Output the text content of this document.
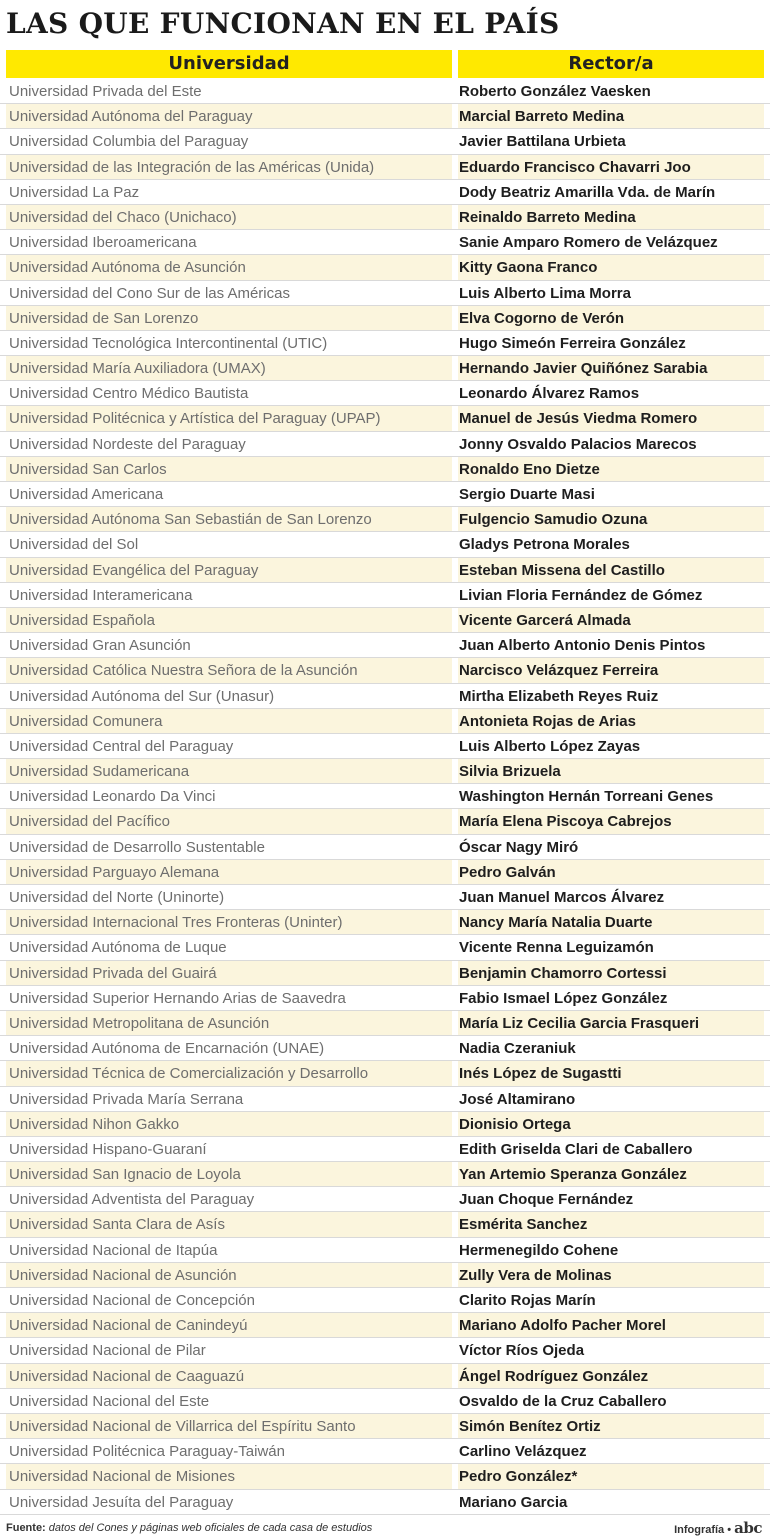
LAS QUE FUNCIONAN EN EL PAÍS
Universidad	Rector/a
Universidad Privada del Este	Roberto González Vaesken
Universidad Autónoma del Paraguay	Marcial Barreto Medina
Universidad Columbia del Paraguay	Javier Battilana Urbieta
Universidad de las Integración de las Américas (Unida)	Eduardo Francisco Chavarri Joo
Universidad La Paz	Dody Beatriz Amarilla Vda. de Marín
Universidad del Chaco (Unichaco)	Reinaldo Barreto Medina
Universidad Iberoamericana	Sanie Amparo Romero de Velázquez
Universidad Autónoma de Asunción	Kitty Gaona Franco
Universidad del Cono Sur de las Américas	Luis Alberto Lima Morra
Universidad de San Lorenzo	Elva Cogorno de Verón
Universidad Tecnológica Intercontinental (UTIC)	Hugo Simeón Ferreira González
Universidad María Auxiliadora (UMAX)	Hernando Javier Quiñónez Sarabia
Universidad Centro Médico Bautista	Leonardo Álvarez Ramos
Universidad Politécnica y Artística del Paraguay (UPAP)	Manuel de Jesús Viedma Romero
Universidad Nordeste del Paraguay	Jonny Osvaldo Palacios Marecos
Universidad San Carlos	Ronaldo Eno Dietze
Universidad Americana	Sergio Duarte Masi
Universidad Autónoma San Sebastián de San Lorenzo	Fulgencio Samudio Ozuna
Universidad del Sol	Gladys Petrona Morales
Universidad Evangélica del Paraguay	Esteban Missena del Castillo
Universidad Interamericana	Livian Floria Fernández de Gómez
Universidad Española	Vicente Garcerá Almada
Universidad Gran Asunción	Juan Alberto Antonio Denis Pintos
Universidad Católica Nuestra Señora de la Asunción	Narcisco Velázquez Ferreira
Universidad Autónoma del Sur (Unasur)	Mirtha Elizabeth Reyes Ruiz
Universidad Comunera	Antonieta Rojas de Arias
Universidad Central del Paraguay	Luis Alberto López Zayas
Universidad Sudamericana	Silvia Brizuela
Universidad Leonardo Da Vinci	Washington Hernán Torreani Genes
Universidad del Pacífico	María Elena Piscoya Cabrejos
Universidad de Desarrollo Sustentable	Óscar Nagy Miró
Universidad Parguayo Alemana	Pedro Galván
Universidad del Norte (Uninorte)	Juan Manuel Marcos Álvarez
Universidad Internacional Tres Fronteras (Uninter)	Nancy María Natalia Duarte
Universidad Autónoma de Luque	Vicente Renna Leguizamón
Universidad Privada del Guairá	Benjamin Chamorro Cortessi
Universidad Superior Hernando Arias de Saavedra	Fabio Ismael López González
Universidad Metropolitana de Asunción	María Liz Cecilia Garcia Frasqueri
Universidad Autónoma de Encarnación (UNAE)	Nadia Czeraniuk
Universidad Técnica de Comercialización y Desarrollo	Inés López de Sugastti
Universidad Privada María Serrana	José Altamirano
Universidad Nihon Gakko	Dionisio Ortega
Universidad Hispano-Guaraní	Edith Griselda Clari de Caballero
Universidad San Ignacio de Loyola	Yan Artemio Speranza González
Universidad Adventista del Paraguay	Juan Choque Fernández
Universidad Santa Clara de Asís	Esmérita Sanchez
Universidad Nacional de Itapúa	Hermenegildo Cohene
Universidad Nacional de Asunción	Zully Vera de Molinas
Universidad Nacional de Concepción	Clarito Rojas Marín
Universidad Nacional de Canindeyú	Mariano Adolfo Pacher Morel
Universidad Nacional de Pilar	Víctor Ríos Ojeda
Universidad Nacional de Caaguazú	Ángel Rodríguez González
Universidad Nacional del Este	Osvaldo de la Cruz Caballero
Universidad Nacional de Villarrica del Espíritu Santo	Simón Benítez Ortiz
Universidad Politécnica Paraguay-Taiwán	Carlino Velázquez
Universidad Nacional de Misiones	Pedro González*
Universidad Jesuíta del Paraguay	Mariano Garcia
Fuente: datos del Cones y páginas web oficiales de cada casa de estudios	Infografía • abc
